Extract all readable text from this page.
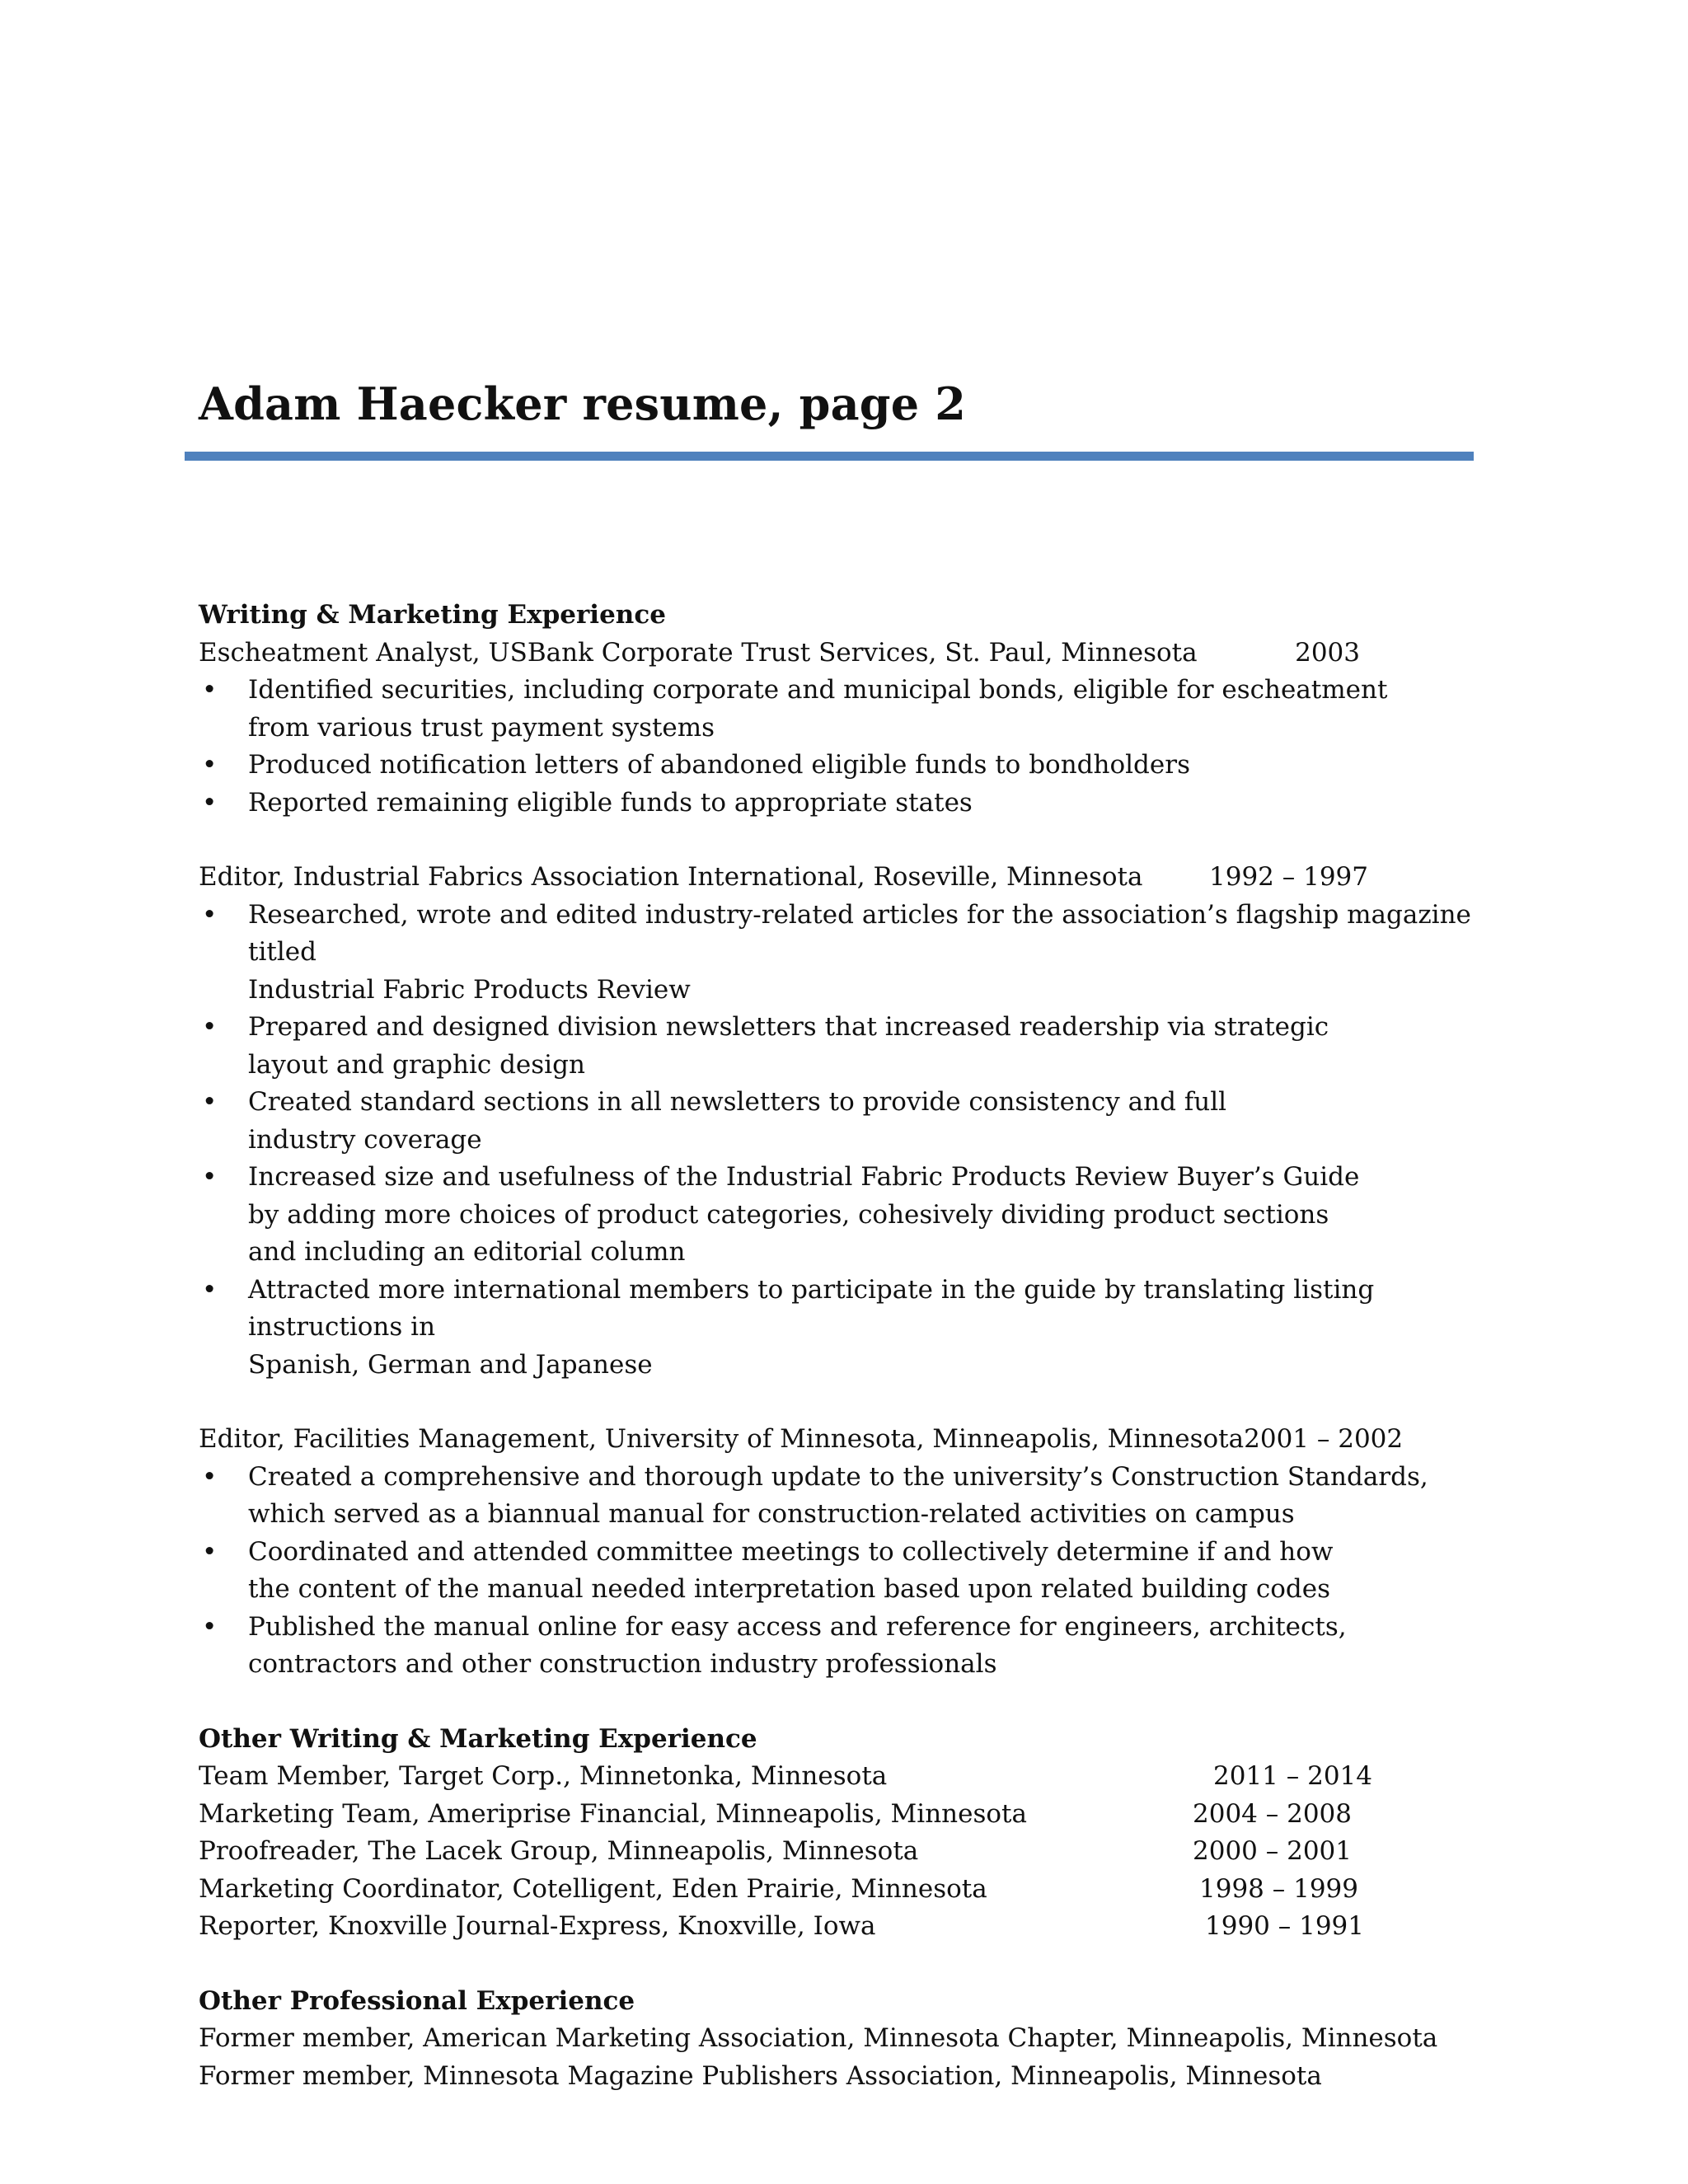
Adam Haecker resume, page 2

Writing & Marketing Experience

Escheatment Analyst, USBank Corporate Trust Services, St. Paul, Minnesota	2003
• Identified securities, including corporate and municipal bonds, eligible for escheatment
from various trust payment systems
• Produced notification letters of abandoned eligible funds to bondholders
• Reported remaining eligible funds to appropriate states
Editor, Industrial Fabrics Association International, Roseville, Minnesota	1992 – 1997
• Researched, wrote and edited industry-related articles for the association’s flagship magazine titled
Industrial Fabric Products Review
• Prepared and designed division newsletters that increased readership via strategic
layout and graphic design
• Created standard sections in all newsletters to provide consistency and full
industry coverage
• Increased size and usefulness of the Industrial Fabric Products Review Buyer’s Guide
by adding more choices of product categories, cohesively dividing product sections
and including an editorial column
• Attracted more international members to participate in the guide by translating listing instructions in
Spanish, German and Japanese
Editor, Facilities Management, University of Minnesota, Minneapolis, Minnesota 2001 – 2002
• Created a comprehensive and thorough update to the university’s Construction Standards,
which served as a biannual manual for construction-related activities on campus
• Coordinated and attended committee meetings to collectively determine if and how
the content of the manual needed interpretation based upon related building codes
• Published the manual online for easy access and reference for engineers, architects,
contractors and other construction industry professionals

Other Writing & Marketing Experience

Team Member, Target Corp., Minnetonka, Minnesota	2011 – 2014
Marketing Team, Ameriprise Financial, Minneapolis, Minnesota	2004 – 2008
Proofreader, The Lacek Group, Minneapolis, Minnesota	2000 – 2001
Marketing Coordinator, Cotelligent, Eden Prairie, Minnesota	1998 – 1999
Reporter, Knoxville Journal-Express, Knoxville, Iowa	1990 – 1991

Other Professional Experience

Former member, American Marketing Association, Minnesota Chapter, Minneapolis, Minnesota
Former member, Minnesota Magazine Publishers Association, Minneapolis, Minnesota
